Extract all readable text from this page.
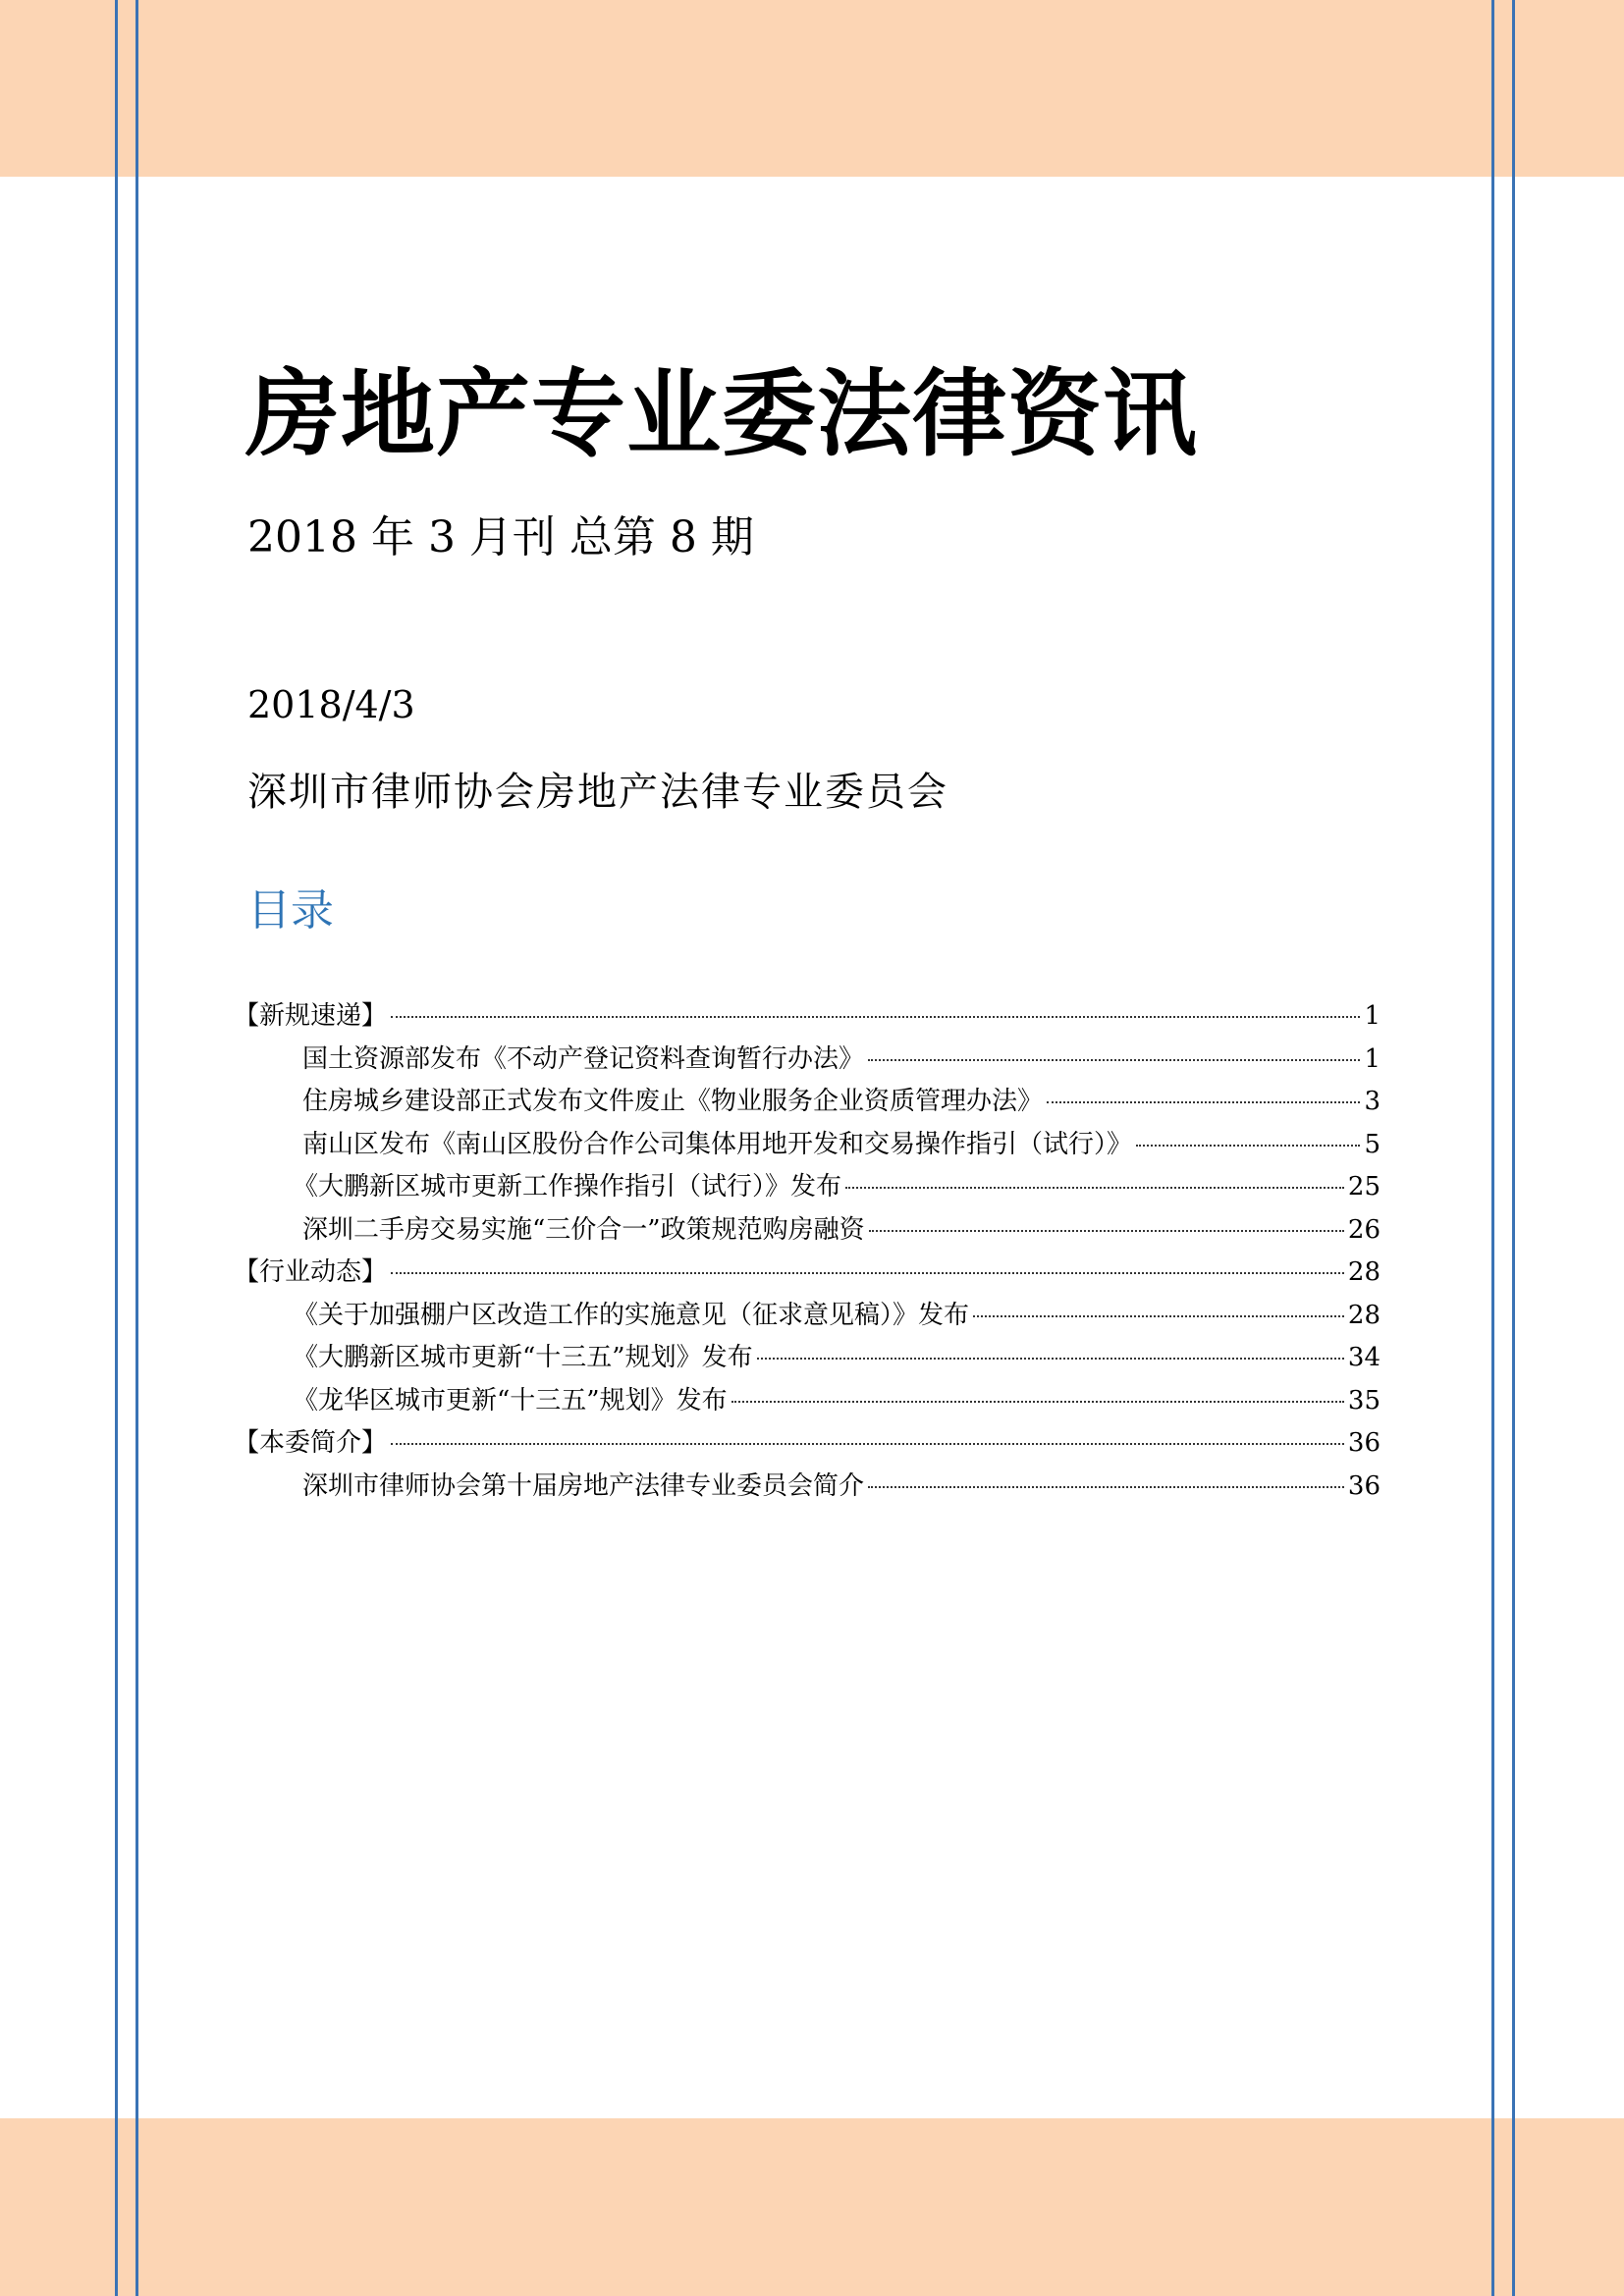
房地产专业委法律资讯
2018 年 3 月刊 总第 8 期
2018/4/3
深圳市律师协会房地产法律专业委员会
目录
【新规速递】	1
国土资源部发布《不动产登记资料查询暂行办法》	1
住房城乡建设部正式发布文件废止《物业服务企业资质管理办法》	3
南山区发布《南山区股份合作公司集体用地开发和交易操作指引（试行）》	5
《大鹏新区城市更新工作操作指引（试行）》发布	25
深圳二手房交易实施“三价合一”政策规范购房融资	26
【行业动态】	28
《关于加强棚户区改造工作的实施意见（征求意见稿）》发布	28
《大鹏新区城市更新“十三五”规划》发布	34
《龙华区城市更新“十三五”规划》发布	35
【本委简介】	36
深圳市律师协会第十届房地产法律专业委员会简介	36
